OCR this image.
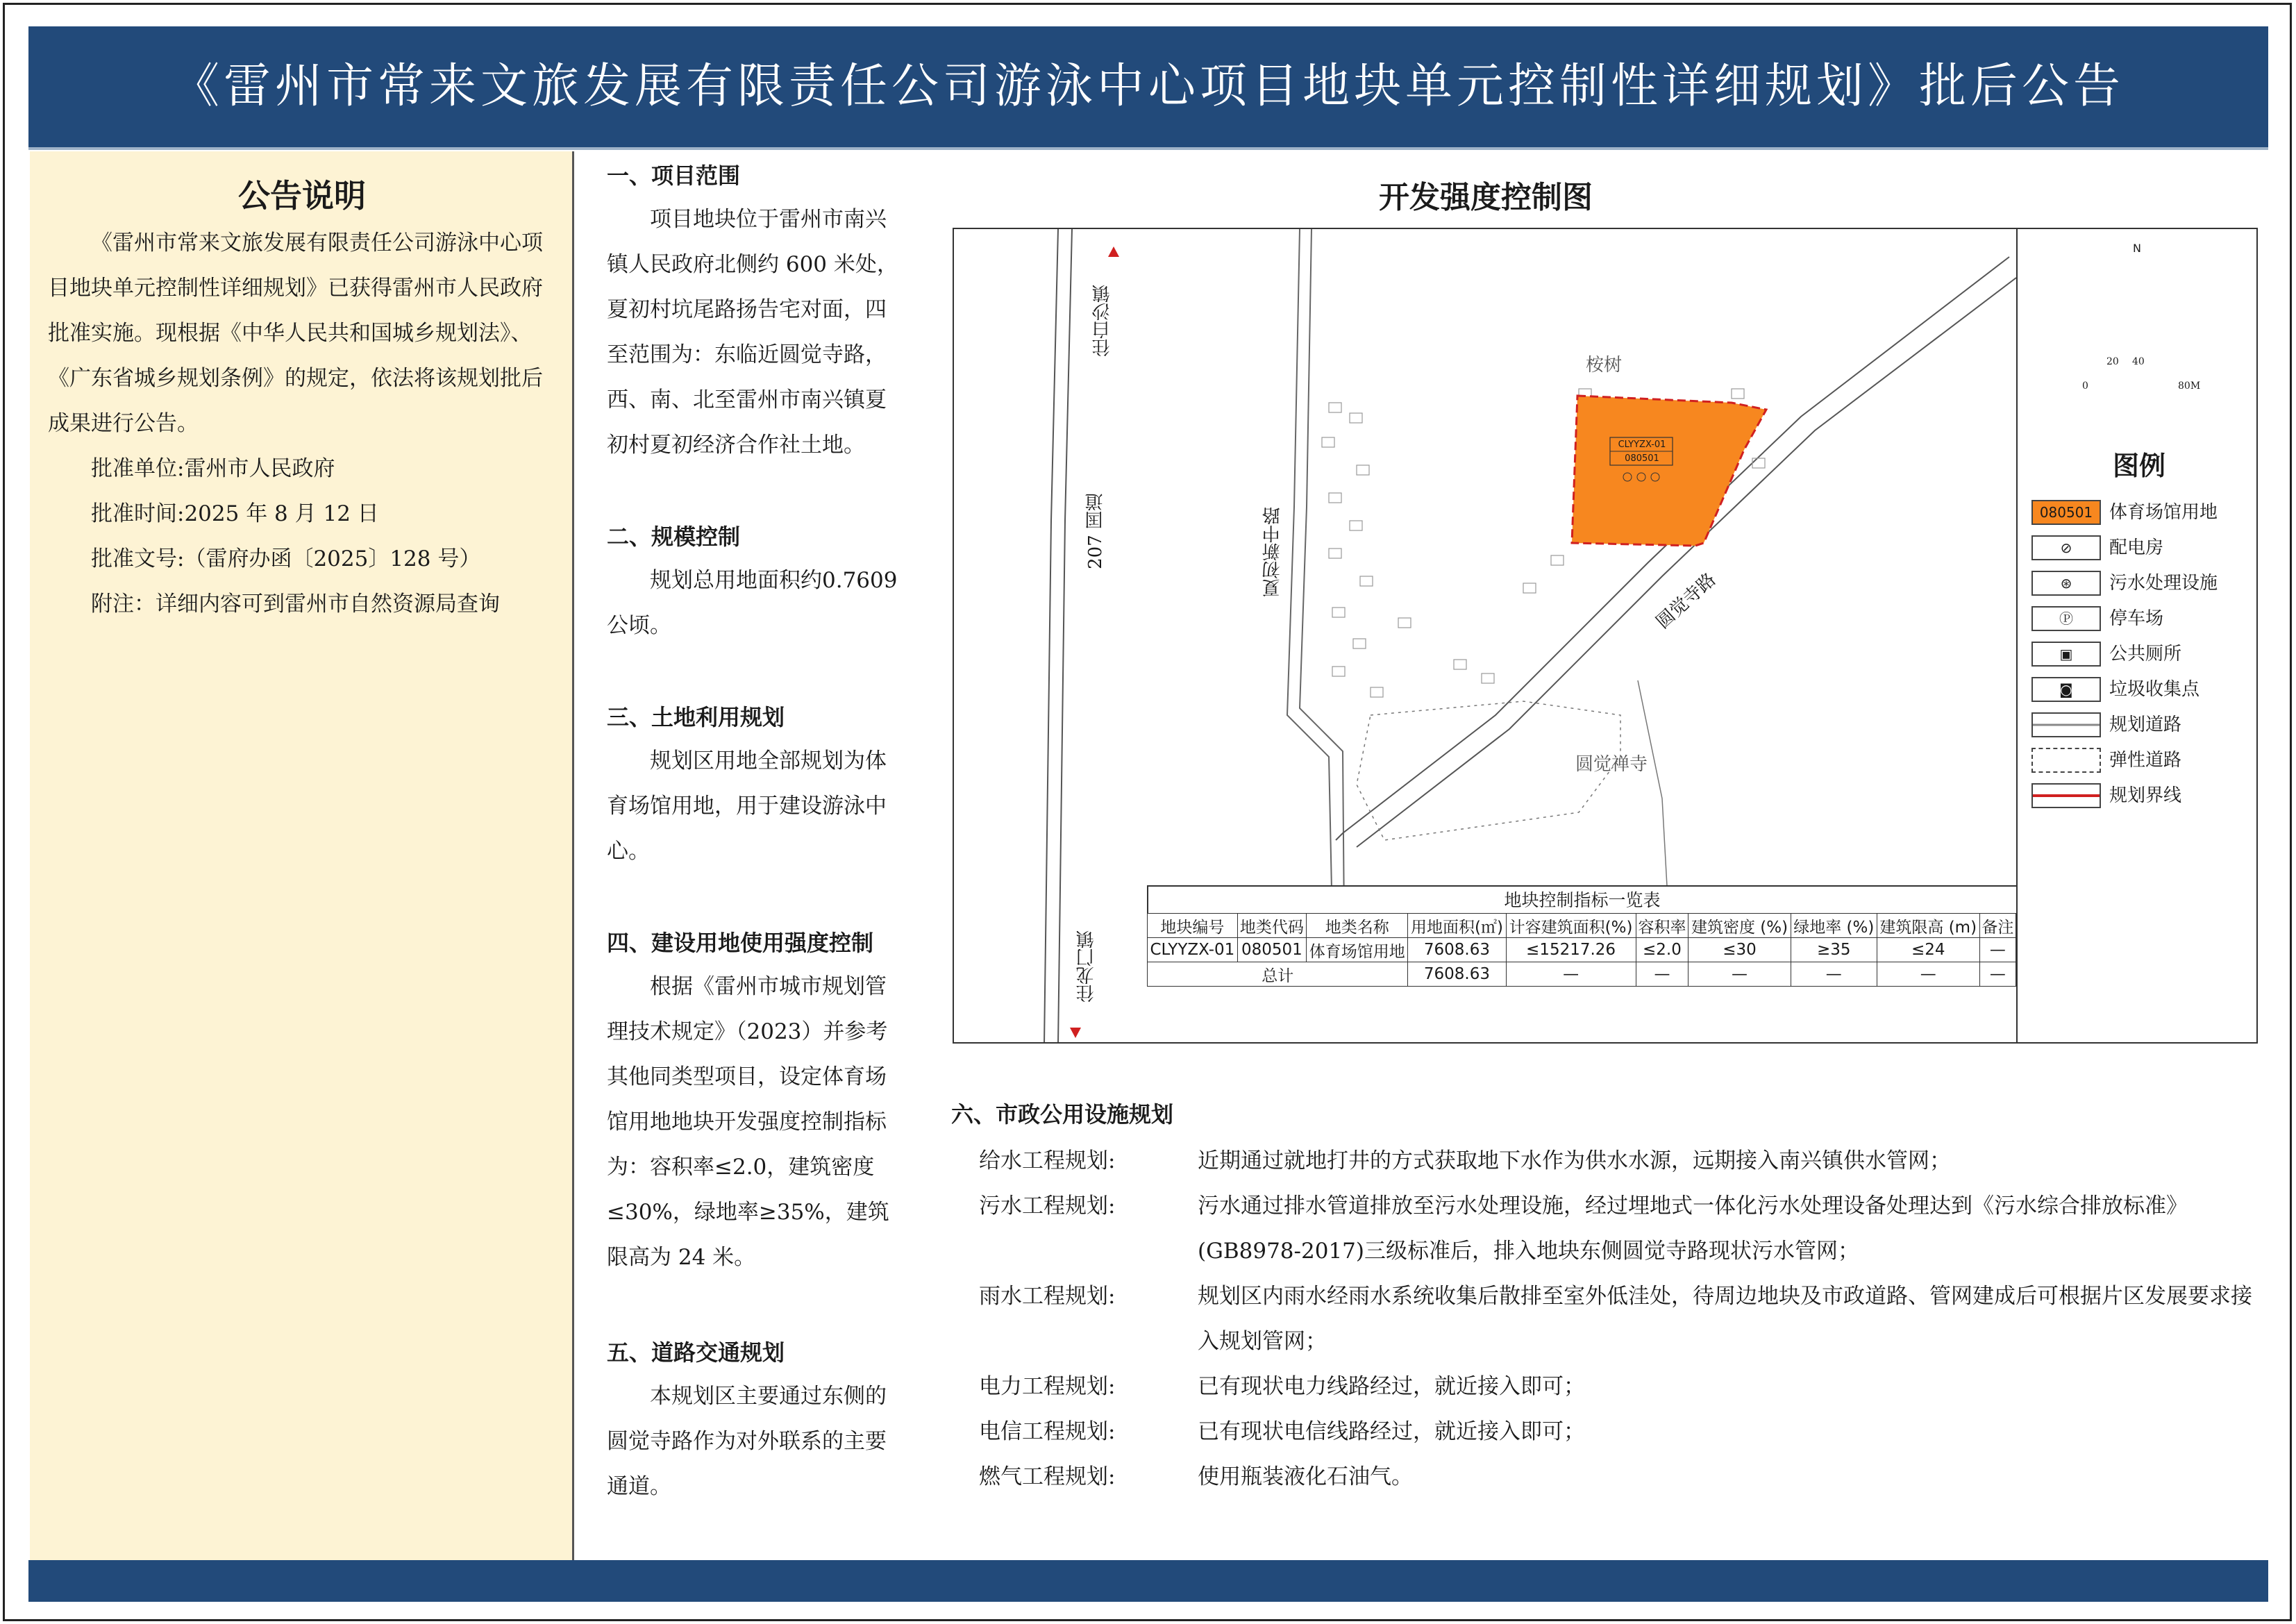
《雷州市常来文旅发展有限责任公司游泳中心项目地块单元控制性详细规划》批后公告
公告说明

《雷州市常来文旅发展有限责任公司游泳中心项目地块单元控制性详细规划》已获得雷州市人民政府批准实施。现根据《中华人民共和国城乡规划法》、《广东省城乡规划条例》的规定，依法将该规划批后成果进行公告。

批准单位:雷州市人民政府

批准时间:2025 年 8 月 12 日

批准文号:（雷府办函〔2025〕128 号）

附注：详细内容可到雷州市自然资源局查询

一、项目范围

项目地块位于雷州市南兴镇人民政府北侧约 600 米处，夏初村坑尾路扬告宅对面，四至范围为：东临近圆觉寺路，西、南、北至雷州市南兴镇夏初村夏初经济合作社土地。

二、规模控制

规划总用地面积约0.7609 公顷。

三、土地利用规划

规划区用地全部规划为体育场馆用地，用于建设游泳中心。

四、建设用地使用强度控制

根据《雷州市城市规划管理技术规定》（2023）并参考其他同类型项目，设定体育场馆用地地块开发强度控制指标为：容积率≤2.0，建筑密度≤30%，绿地率≥35%，建筑限高为 24 米。

五、道路交通规划

本规划区主要通过东侧的圆觉寺路作为对外联系的主要通道。

开发强度控制图
往白沙镇
往龙门镇
207 国道	夏初新中路
圆觉寺路
桉树
圆觉禅寺
CLYYZX-01
080501
N
0
20 40
80M
图例
080501 体育场馆用地
⊘	配电房
⊛	污水处理设施
Ⓟ	停车场
▣	公共厕所
◙	垃圾收集点
规划道路
弹性道路
规划界线
地块控制指标一览表
地块编号	地类代码	地类名称	用地面积(㎡)	计容建筑面积(%)	容积率	建筑密度 (%)	绿地率 (%)	建筑限高 (m)	备注
CLYYZX-01	080501	体育场馆用地	7608.63	≤15217.26	≤2.0	≤30	≥35	≤24	—
总计			7608.63	—	—	—	—	—	—
六、市政公用设施规划
给水工程规划:	近期通过就地打井的方式获取地下水作为供水水源，远期接入南兴镇供水管网；
污水工程规划:	污水通过排水管道排放至污水处理设施，经过埋地式一体化污水处理设备处理达到《污水综合排放标准》(GB8978-2017)三级标准后，排入地块东侧圆觉寺路现状污水管网；
雨水工程规划:	规划区内雨水经雨水系统收集后散排至室外低洼处，待周边地块及市政道路、管网建成后可根据片区发展要求接入规划管网；
电力工程规划:	已有现状电力线路经过，就近接入即可；
电信工程规划:	已有现状电信线路经过，就近接入即可；
燃气工程规划:	使用瓶装液化石油气。
